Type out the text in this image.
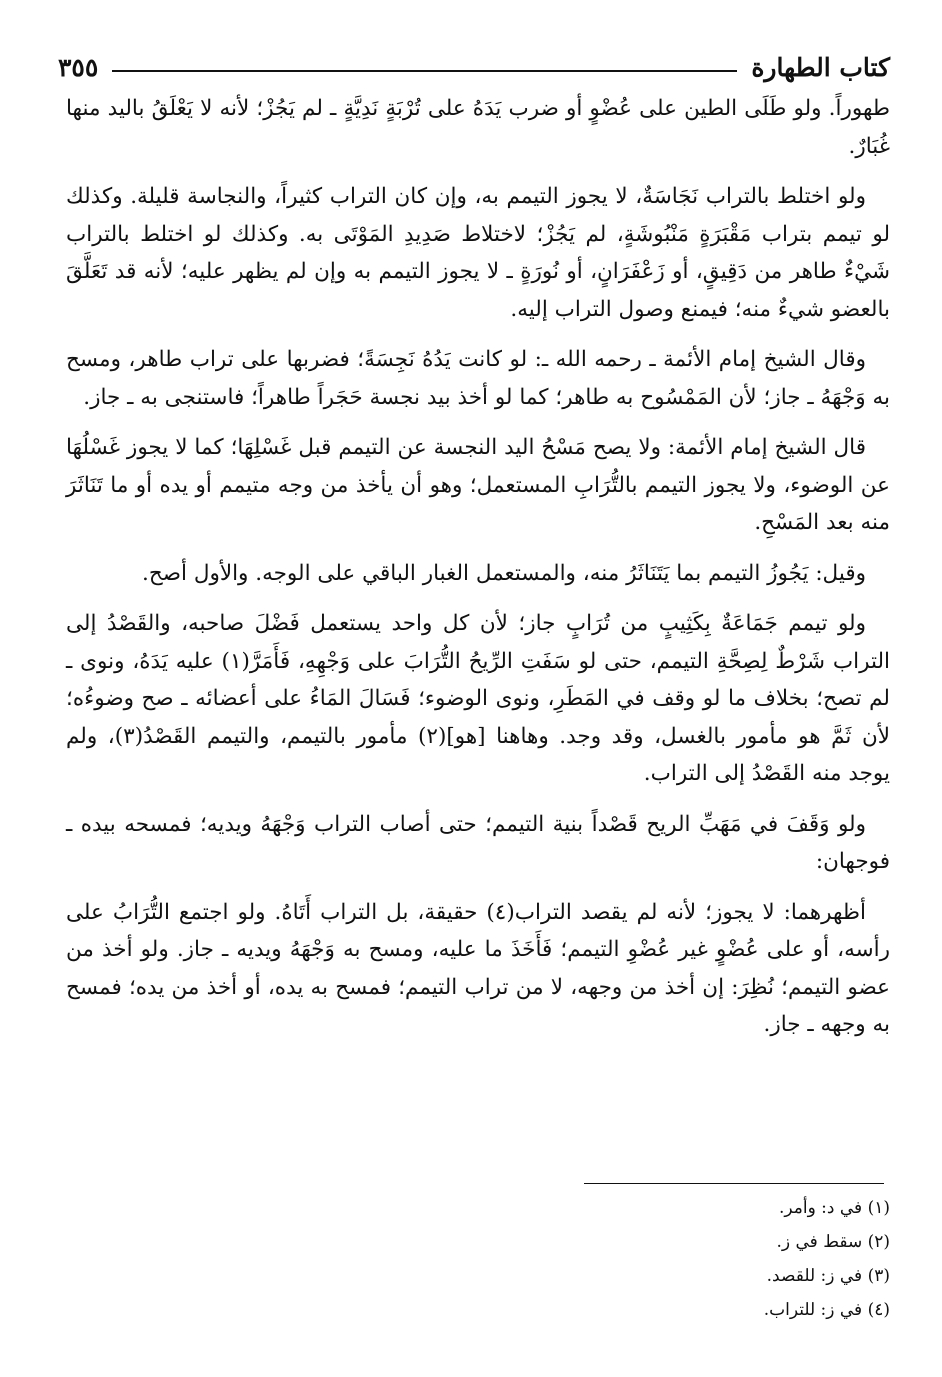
كتاب الطهارة
٣٥٥

طهوراً. ولو طَلَى الطين على عُضْوٍ أو ضرب يَدَهُ على تُرْبَةٍ نَدِيَّةٍ ـ لم يَجُزْ؛ لأنه لا يَعْلَقُ باليد منها غُبَارٌ.

ولو اختلط بالتراب نَجَاسَةٌ، لا يجوز التيمم به، وإن كان التراب كثيراً، والنجاسة قليلة. وكذلك لو تيمم بتراب مَقْبَرَةٍ مَنْبُوشَةٍ، لم يَجُزْ؛ لاختلاط صَدِيدِ المَوْتَى به. وكذلك لو اختلط بالتراب شَيْءٌ طاهر من دَقِيقٍ، أو زَعْفَرَانٍ، أو نُورَةٍ ـ لا يجوز التيمم به وإن لم يظهر عليه؛ لأنه قد تَعَلَّقَ بالعضو شيءٌ منه؛ فيمنع وصول التراب إليه.

وقال الشيخ إمام الأئمة ـ رحمه الله ـ: لو كانت يَدُهُ نَجِسَةً؛ فضربها على تراب طاهر، ومسح به وَجْهَهُ ـ جاز؛ لأن المَمْسُوح به طاهر؛ كما لو أخذ بيد نجسة حَجَراً طاهراً؛ فاستنجى به ـ جاز.

قال الشيخ إمام الأئمة: ولا يصح مَسْحُ اليد النجسة عن التيمم قبل غَسْلِهَا؛ كما لا يجوز غَسْلُهَا عن الوضوء، ولا يجوز التيمم بالتُّرَابِ المستعمل؛ وهو أن يأخذ من وجه متيمم أو يده أو ما تَنَاثَرَ منه بعد المَسْحِ.

وقيل: يَجُوزُ التيمم بما يَتَنَاثَرُ منه، والمستعمل الغبار الباقي على الوجه. والأول أصح.

ولو تيمم جَمَاعَةٌ بِكَثِيبٍ من تُرَابٍ جاز؛ لأن كل واحد يستعمل فَضْلَ صاحبه، والقَصْدُ إلى التراب شَرْطٌ لِصِحَّةِ التيمم، حتى لو سَفَتِ الرِّيحُ التُّرَابَ على وَجْهِهِ، فَأَمَرَّ(١) عليه يَدَهُ، ونوى ـ لم تصح؛ بخلاف ما لو وقف في المَطَرِ، ونوى الوضوء؛ فَسَالَ المَاءُ على أعضائه ـ صح وضوءُه؛ لأن ثَمَّ هو مأمور بالغسل، وقد وجد. وهاهنا [هو](٢) مأمور بالتيمم، والتيمم القَصْدُ(٣)، ولم يوجد منه القَصْدُ إلى التراب.

ولو وَقَفَ في مَهَبِّ الريح قَصْداً بنية التيمم؛ حتى أصاب التراب وَجْهَهُ ويديه؛ فمسحه بيده ـ فوجهان:

أظهرهما: لا يجوز؛ لأنه لم يقصد التراب(٤) حقيقة، بل التراب أَتَاهُ. ولو اجتمع التُّرَابُ على رأسه، أو على عُضْوٍ غير عُضْوِ التيمم؛ فَأَخَذَ ما عليه، ومسح به وَجْهَهُ ويديه ـ جاز. ولو أخذ من عضو التيمم؛ نُظِرَ: إن أخذ من وجهه، لا من تراب التيمم؛ فمسح به يده، أو أخذ من يده؛ فمسح به وجهه ـ جاز.

(١) في د: وأمر.
(٢) سقط في ز.
(٣) في ز: للقصد.
(٤) في ز: للتراب.
